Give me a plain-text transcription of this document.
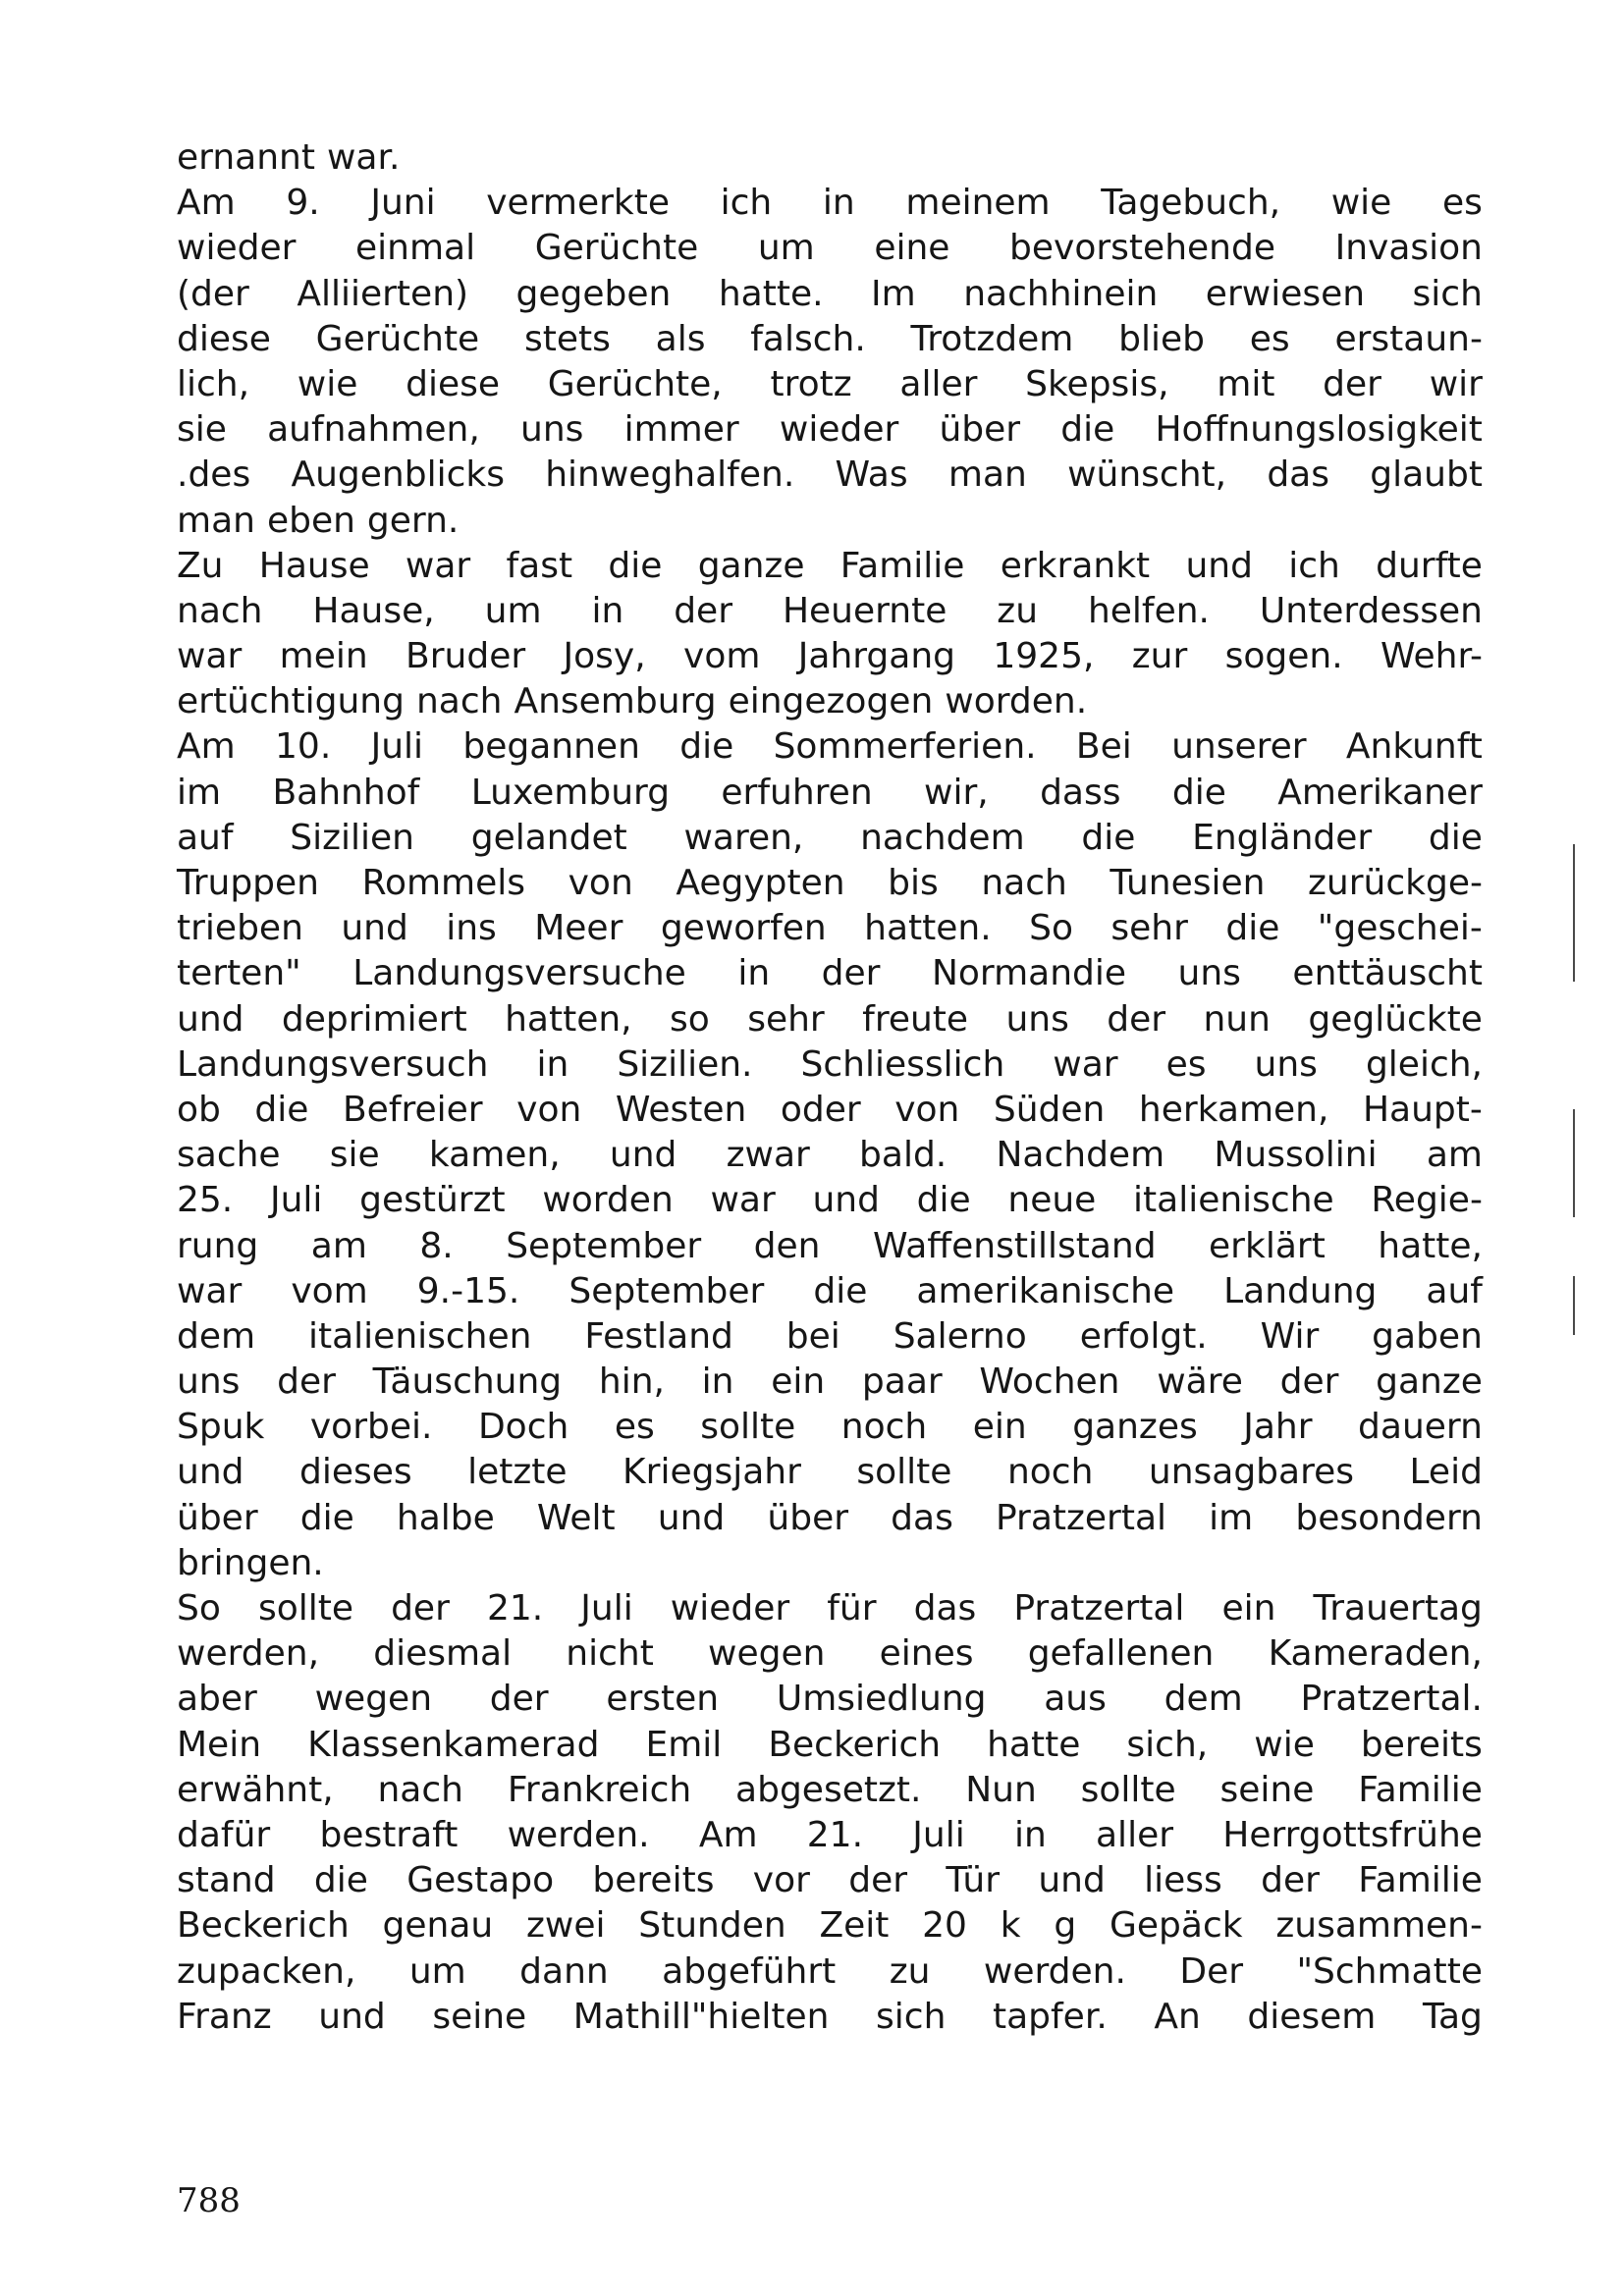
ernannt war.
Am 9. Juni vermerkte ich in meinem Tagebuch, wie es
wieder einmal Gerüchte um eine bevorstehende Invasion
(der Alliierten) gegeben hatte. Im nachhinein erwiesen sich
diese Gerüchte stets als falsch. Trotzdem blieb es erstaun-
lich, wie diese Gerüchte, trotz aller Skepsis, mit der wir
sie aufnahmen, uns immer wieder über die Hoffnungslosigkeit
.des Augenblicks hinweghalfen. Was man wünscht, das glaubt
man eben gern.
Zu Hause war fast die ganze Familie erkrankt und ich durfte
nach Hause, um in der Heuernte zu helfen. Unterdessen
war mein Bruder Josy, vom Jahrgang 1925, zur sogen. Wehr-
ertüchtigung nach Ansemburg eingezogen worden.
Am 10. Juli begannen die Sommerferien. Bei unserer Ankunft
im Bahnhof Luxemburg erfuhren wir, dass die Amerikaner
auf Sizilien gelandet waren, nachdem die Engländer die
Truppen Rommels von Aegypten bis nach Tunesien zurückge-
trieben und ins Meer geworfen hatten. So sehr die "geschei-
terten" Landungsversuche in der Normandie uns enttäuscht
und deprimiert hatten, so sehr freute uns der nun geglückte
Landungsversuch in Sizilien. Schliesslich war es uns gleich,
ob die Befreier von Westen oder von Süden herkamen, Haupt-
sache sie kamen, und zwar bald. Nachdem Mussolini am
25. Juli gestürzt worden war und die neue italienische Regie-
rung am 8. September den Waffenstillstand erklärt hatte,
war vom 9.-15. September die amerikanische Landung auf
dem italienischen Festland bei Salerno erfolgt. Wir gaben
uns der Täuschung hin, in ein paar Wochen wäre der ganze
Spuk vorbei. Doch es sollte noch ein ganzes Jahr dauern
und dieses letzte Kriegsjahr sollte noch unsagbares Leid
über die halbe Welt und über das Pratzertal im besondern
bringen.
So sollte der 21. Juli wieder für das Pratzertal ein Trauertag
werden, diesmal nicht wegen eines gefallenen Kameraden,
aber wegen der ersten Umsiedlung aus dem Pratzertal.
Mein Klassenkamerad Emil Beckerich hatte sich, wie bereits
erwähnt, nach Frankreich abgesetzt. Nun sollte seine Familie
dafür bestraft werden. Am 21. Juli in aller Herrgottsfrühe
stand die Gestapo bereits vor der Tür und liess der Familie
Beckerich genau zwei Stunden Zeit 20 k g Gepäck zusammen-
zupacken, um dann abgeführt zu werden. Der "Schmatte
Franz und seine Mathill"hielten sich tapfer. An diesem Tag
788
